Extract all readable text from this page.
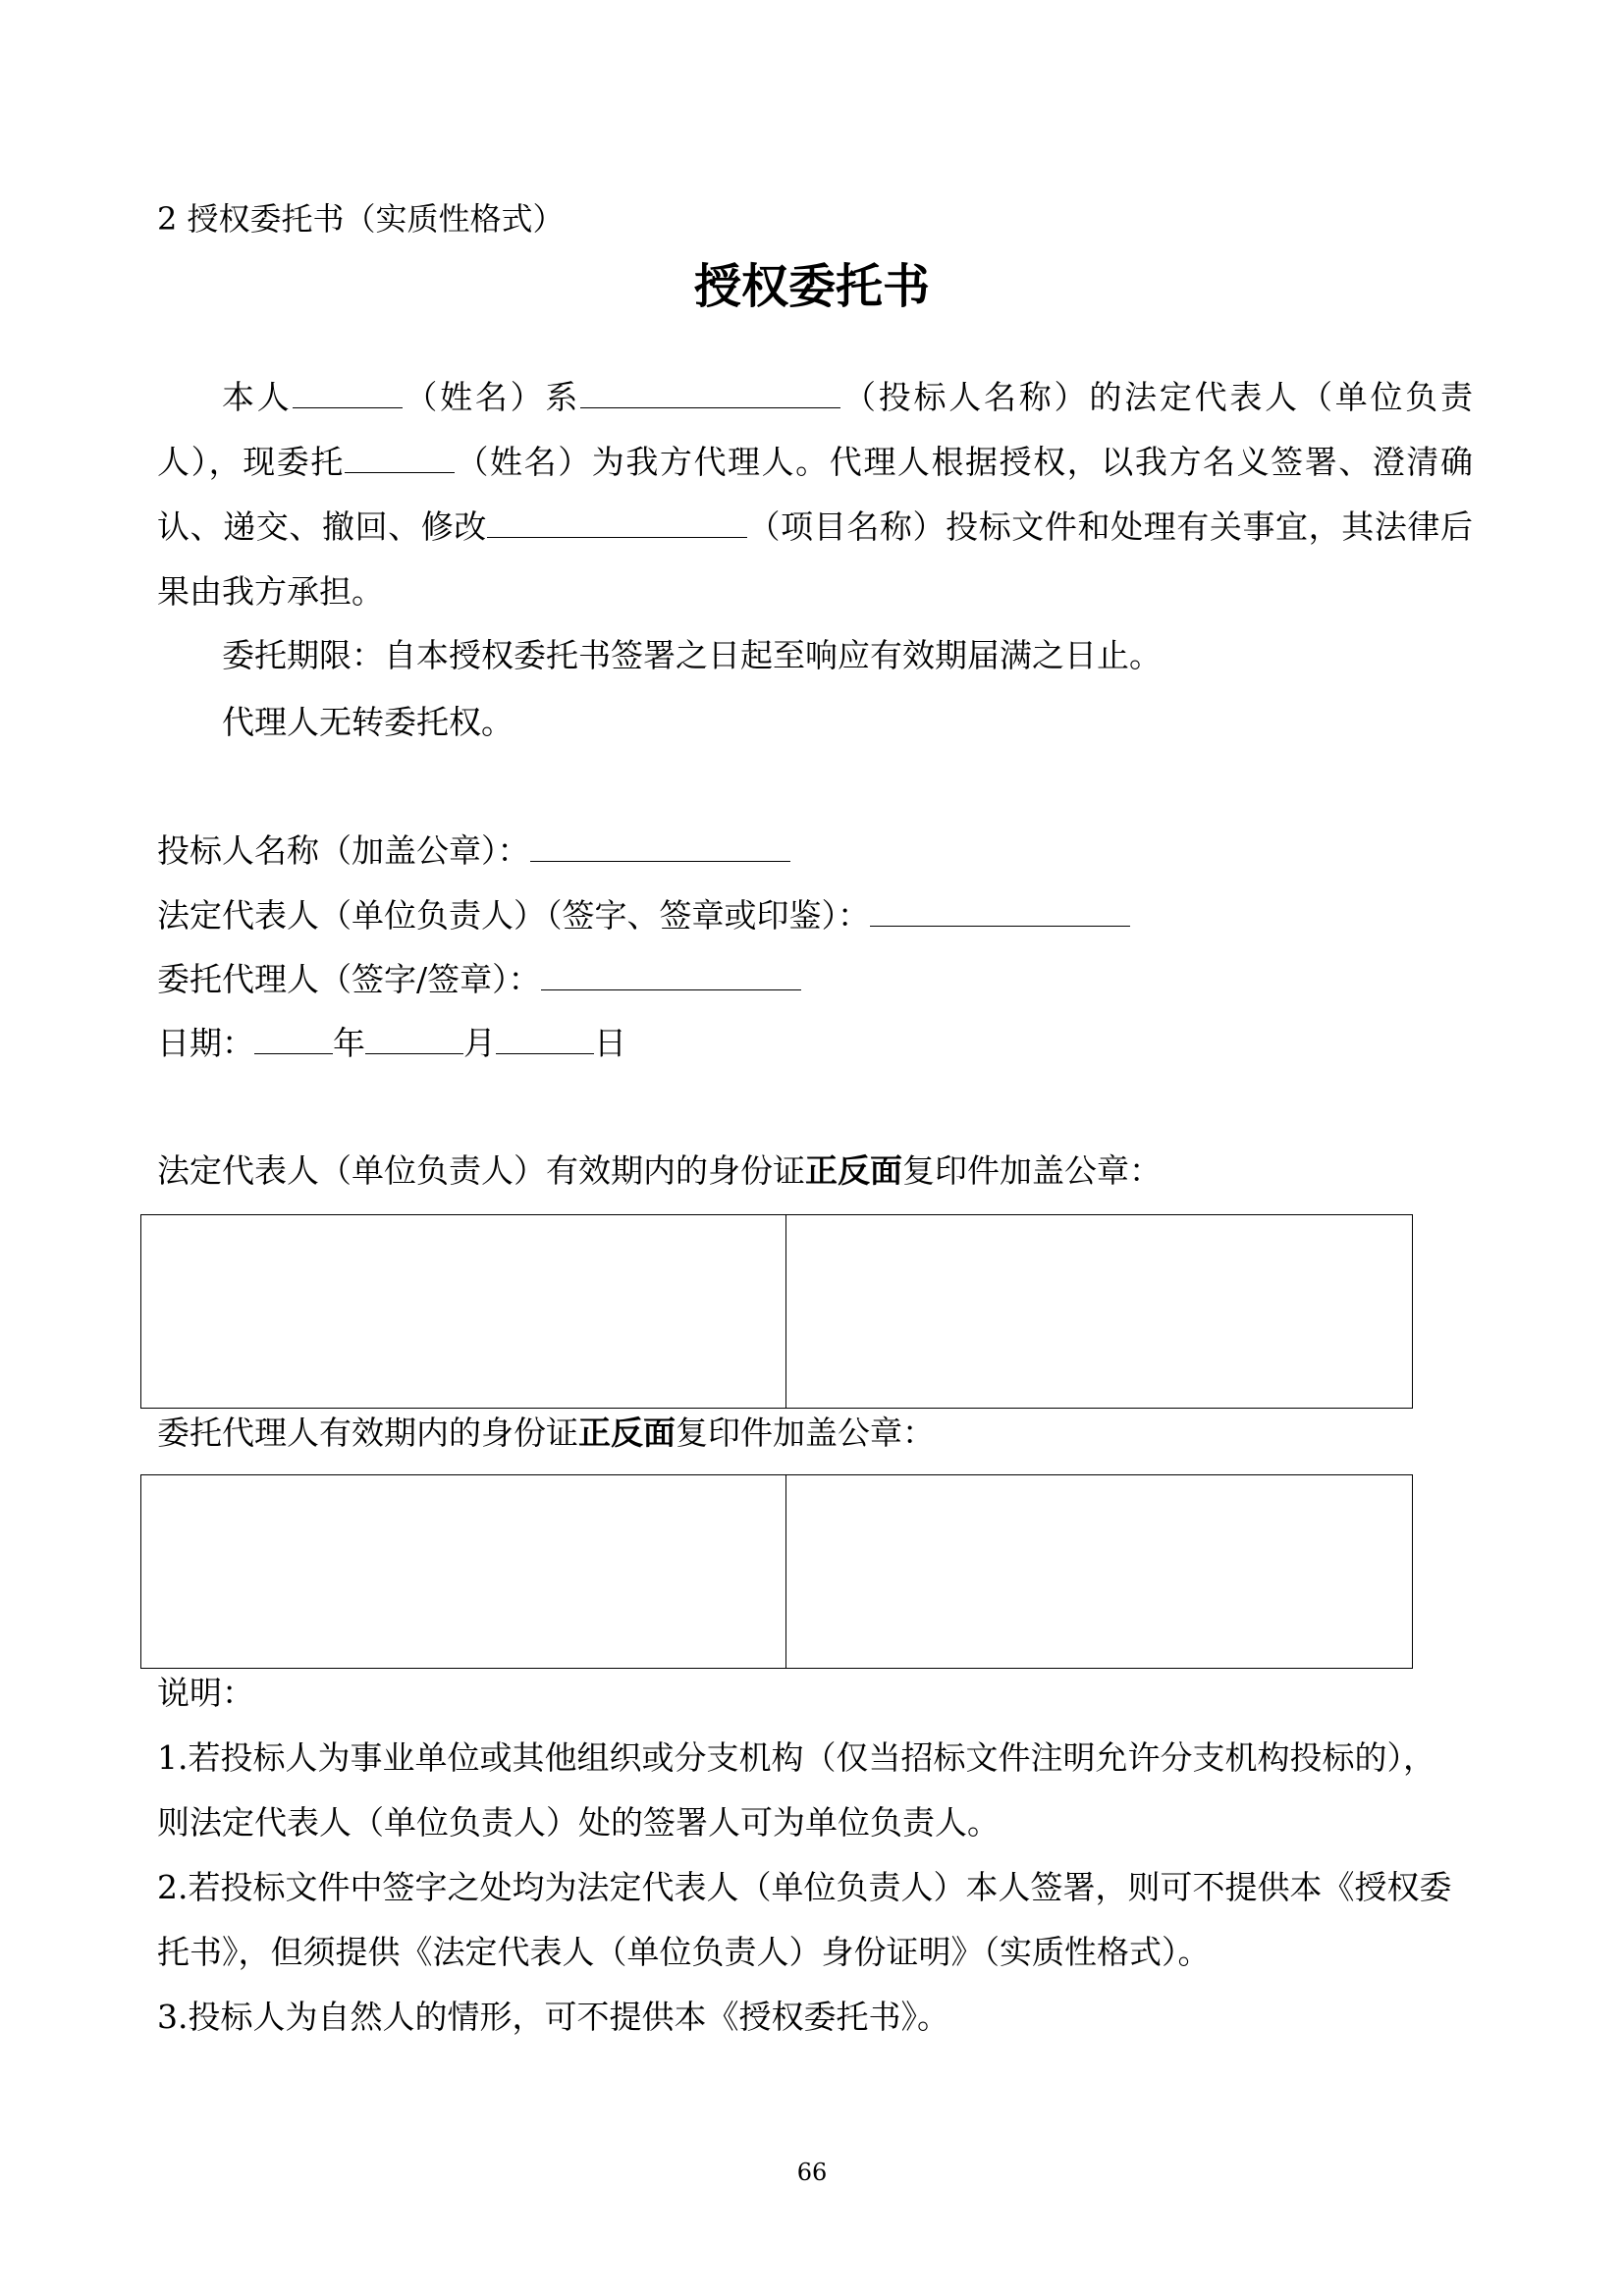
2 授权委托书（实质性格式）
授权委托书
本人	（姓名）系	（投标人名称）的法定代表人（单位负责人），现委托	（姓名）为我方代理人。代理人根据授权，以我方名义签署、澄清确认、递交、撤回、修改	（项目名称）投标文件和处理有关事宜，其法律后果由我方承担。
委托期限：自本授权委托书签署之日起至响应有效期届满之日止。
代理人无转委托权。
投标人名称（加盖公章）：
法定代表人（单位负责人）（签字、签章或印鉴）：
委托代理人（签字/签章）：
日期： 年	月	日
法定代表人（单位负责人）有效期内的身份证正反面复印件加盖公章：
委托代理人有效期内的身份证正反面复印件加盖公章：
说明：
1.若投标人为事业单位或其他组织或分支机构（仅当招标文件注明允许分支机构投标的），
则法定代表人（单位负责人）处的签署人可为单位负责人。
2.若投标文件中签字之处均为法定代表人（单位负责人）本人签署，则可不提供本《授权委
托书》，但须提供《法定代表人（单位负责人）身份证明》（实质性格式）。
3.投标人为自然人的情形，可不提供本《授权委托书》。
66
